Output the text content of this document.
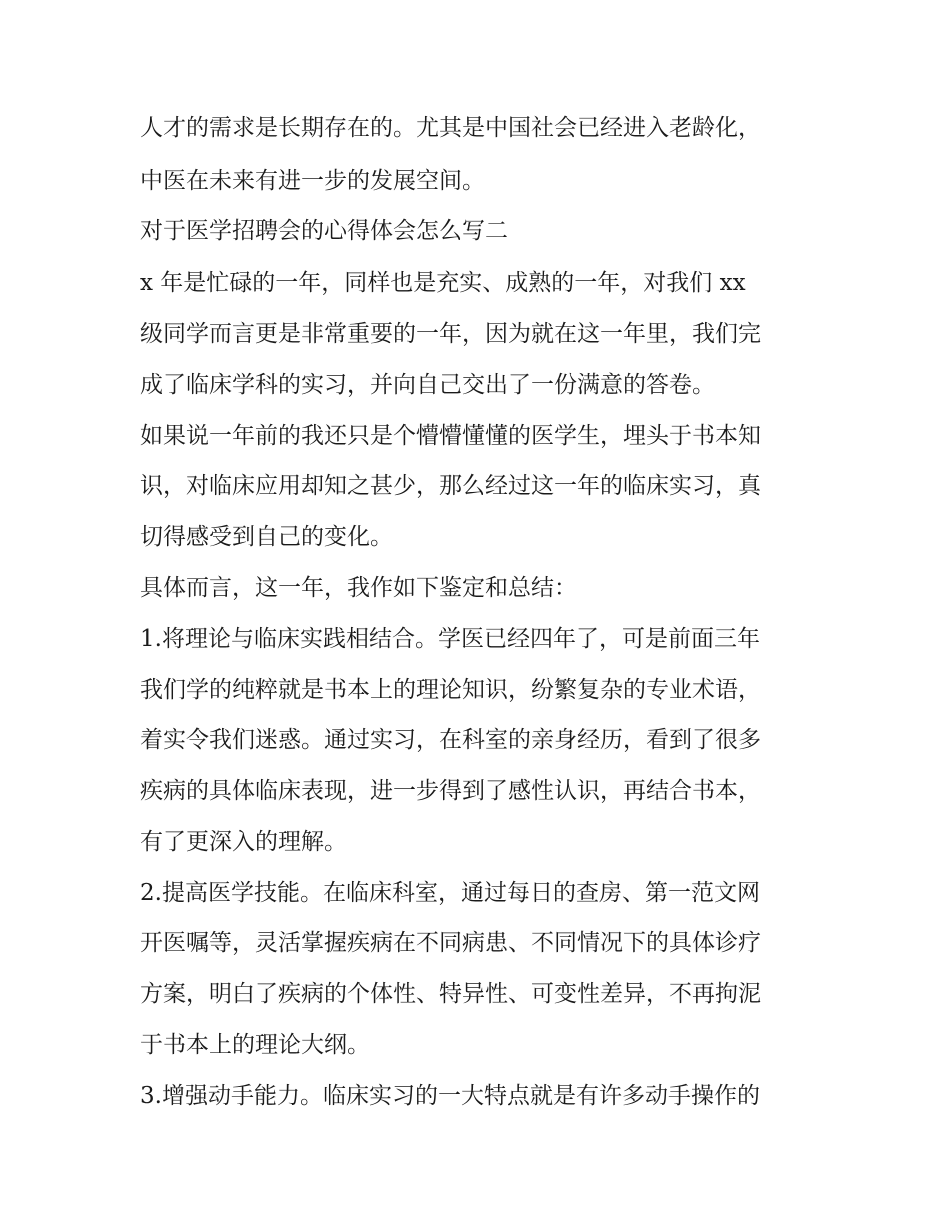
人才的需求是长期存在的。尤其是中国社会已经进入老龄化，

中医在未来有进一步的发展空间。

对于医学招聘会的心得体会怎么写二

x 年是忙碌的一年，同样也是充实、成熟的一年，对我们 xx

级同学而言更是非常重要的一年，因为就在这一年里，我们完

成了临床学科的实习，并向自己交出了一份满意的答卷。

如果说一年前的我还只是个懵懵懂懂的医学生，埋头于书本知

识，对临床应用却知之甚少，那么经过这一年的临床实习，真

切得感受到自己的变化。

具体而言，这一年，我作如下鉴定和总结：

1.将理论与临床实践相结合。学医已经四年了，可是前面三年

我们学的纯粹就是书本上的理论知识，纷繁复杂的专业术语，

着实令我们迷惑。通过实习，在科室的亲身经历，看到了很多

疾病的具体临床表现，进一步得到了感性认识，再结合书本，

有了更深入的理解。

2.提高医学技能。在临床科室，通过每日的查房、第一范文网

开医嘱等，灵活掌握疾病在不同病患、不同情况下的具体诊疗

方案，明白了疾病的个体性、特异性、可变性差异，不再拘泥

于书本上的理论大纲。

3.增强动手能力。临床实习的一大特点就是有许多动手操作的
